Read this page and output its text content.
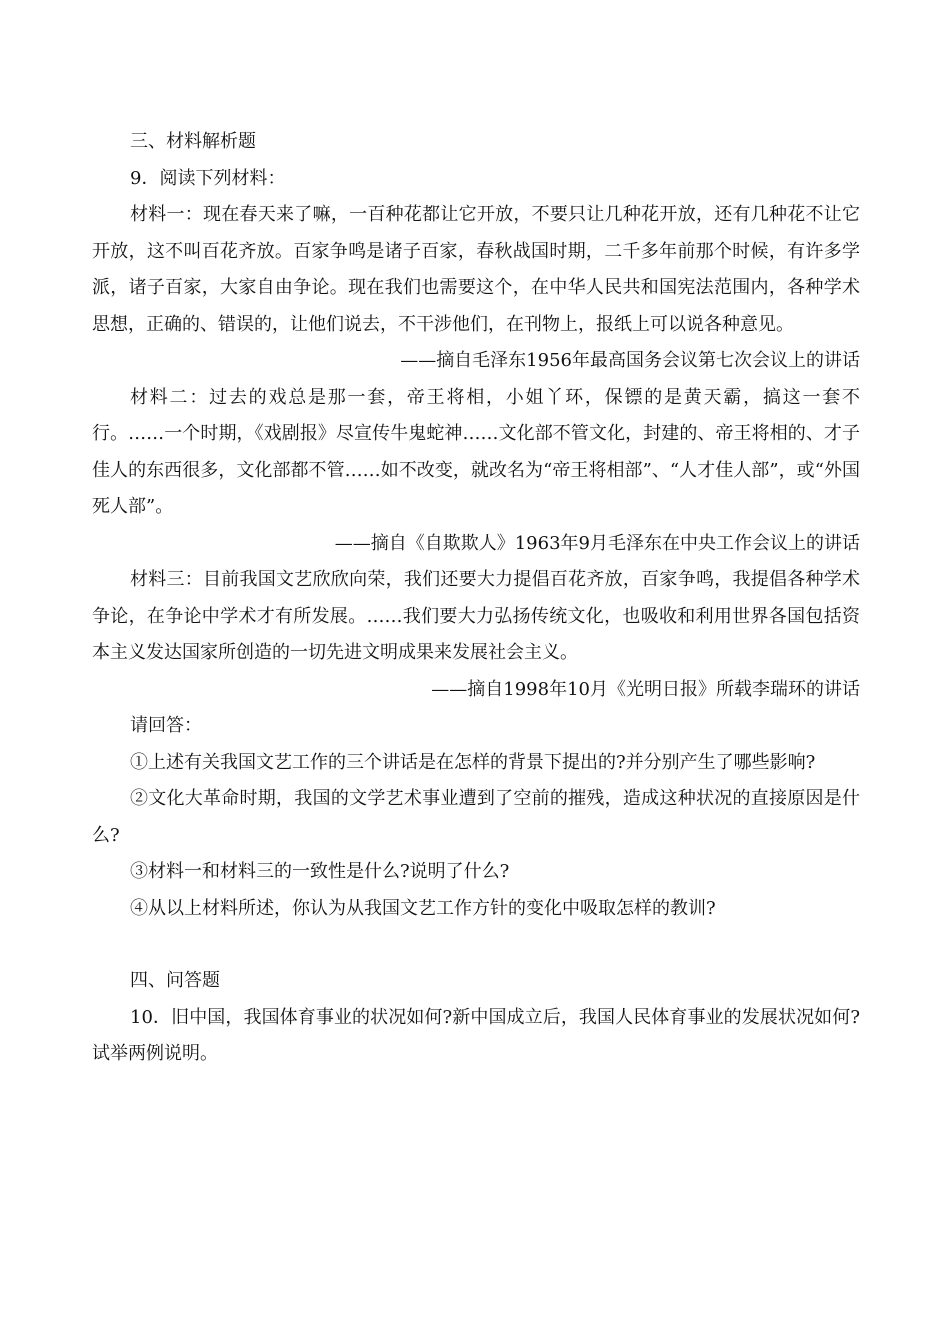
三、材料解析题

9．阅读下列材料：

材料一：现在春天来了嘛，一百种花都让它开放，不要只让几种花开放，还有几种花不让它开放，这不叫百花齐放。百家争鸣是诸子百家，春秋战国时期，二千多年前那个时候，有许多学派，诸子百家，大家自由争论。现在我们也需要这个，在中华人民共和国宪法范围内，各种学术思想，正确的、错误的，让他们说去，不干涉他们，在刊物上，报纸上可以说各种意见。

——摘自毛泽东1956年最高国务会议第七次会议上的讲话

材料二：过去的戏总是那一套，帝王将相，小姐丫环，保镖的是黄天霸，搞这一套不行。……一个时期，《戏剧报》尽宣传牛鬼蛇神……文化部不管文化，封建的、帝王将相的、才子佳人的东西很多，文化部都不管……如不改变，就改名为“帝王将相部”、“人才佳人部”，或“外国死人部”。

——摘自《自欺欺人》1963年9月毛泽东在中央工作会议上的讲话

材料三：目前我国文艺欣欣向荣，我们还要大力提倡百花齐放，百家争鸣，我提倡各种学术争论，在争论中学术才有所发展。……我们要大力弘扬传统文化，也吸收和利用世界各国包括资本主义发达国家所创造的一切先进文明成果来发展社会主义。

——摘自1998年10月《光明日报》所载李瑞环的讲话

请回答：

①上述有关我国文艺工作的三个讲话是在怎样的背景下提出的?并分别产生了哪些影响?

②文化大革命时期，我国的文学艺术事业遭到了空前的摧残，造成这种状况的直接原因是什么?

③材料一和材料三的一致性是什么?说明了什么?

④从以上材料所述，你认为从我国文艺工作方针的变化中吸取怎样的教训?

四、问答题

10．旧中国，我国体育事业的状况如何?新中国成立后，我国人民体育事业的发展状况如何?试举两例说明。
